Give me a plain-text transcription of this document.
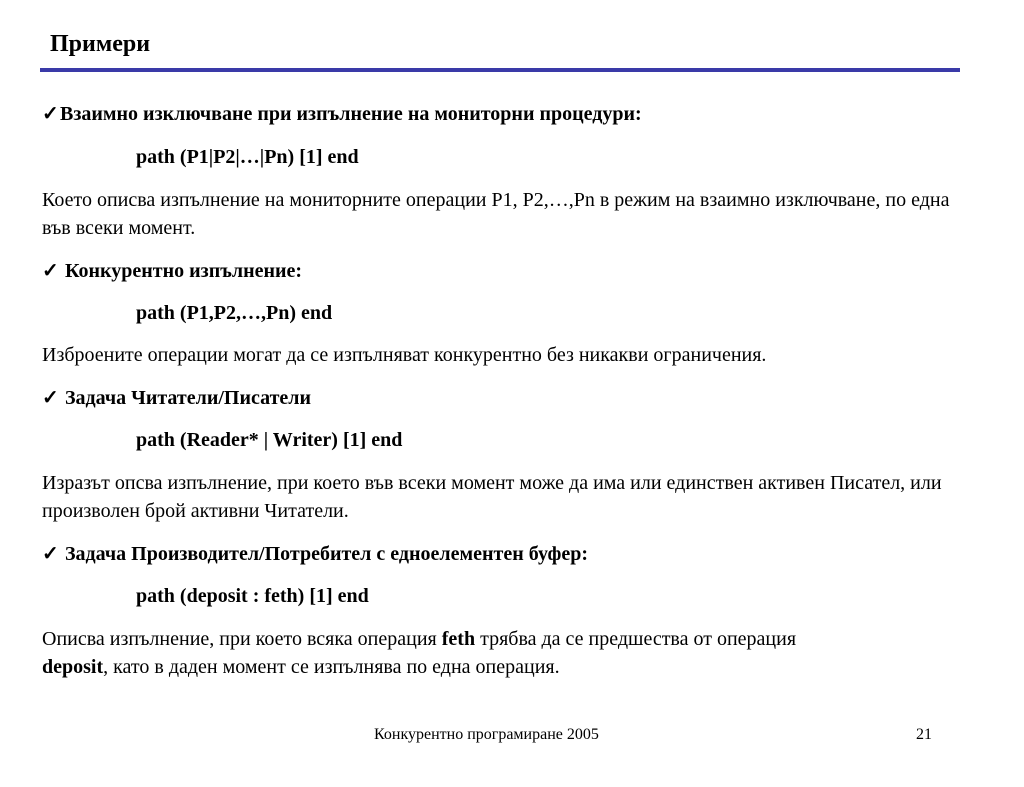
Примери
✓Взаимно изключване при изпълнение на мониторни процедури:
path (P1|P2|…|Pn) [1] end
Което описва изпълнение на мониторните операции P1, P2,…,Pn в режим на взаимно изключване, по една във всеки момент.
✓ Конкурентно изпълнение:
path (P1,P2,…,Pn) end
Изброените операции могат да се изпълняват конкурентно без никакви ограничения.
✓ Задача Читатели/Писатели
path (Reader* | Writer) [1] end
Изразът опсва изпълнение, при което във всеки момент може да има или единствен активен Писател, или произволен брой активни Читатели.
✓ Задача Производител/Потребител с едноелементен буфер:
path (deposit : feth) [1] end
Описва изпълнение, при което всяка операция feth трябва да се предшества от операция
deposit, като в даден момент се изпълнява по една операция.
Конкурентно програмиране 2005	21
